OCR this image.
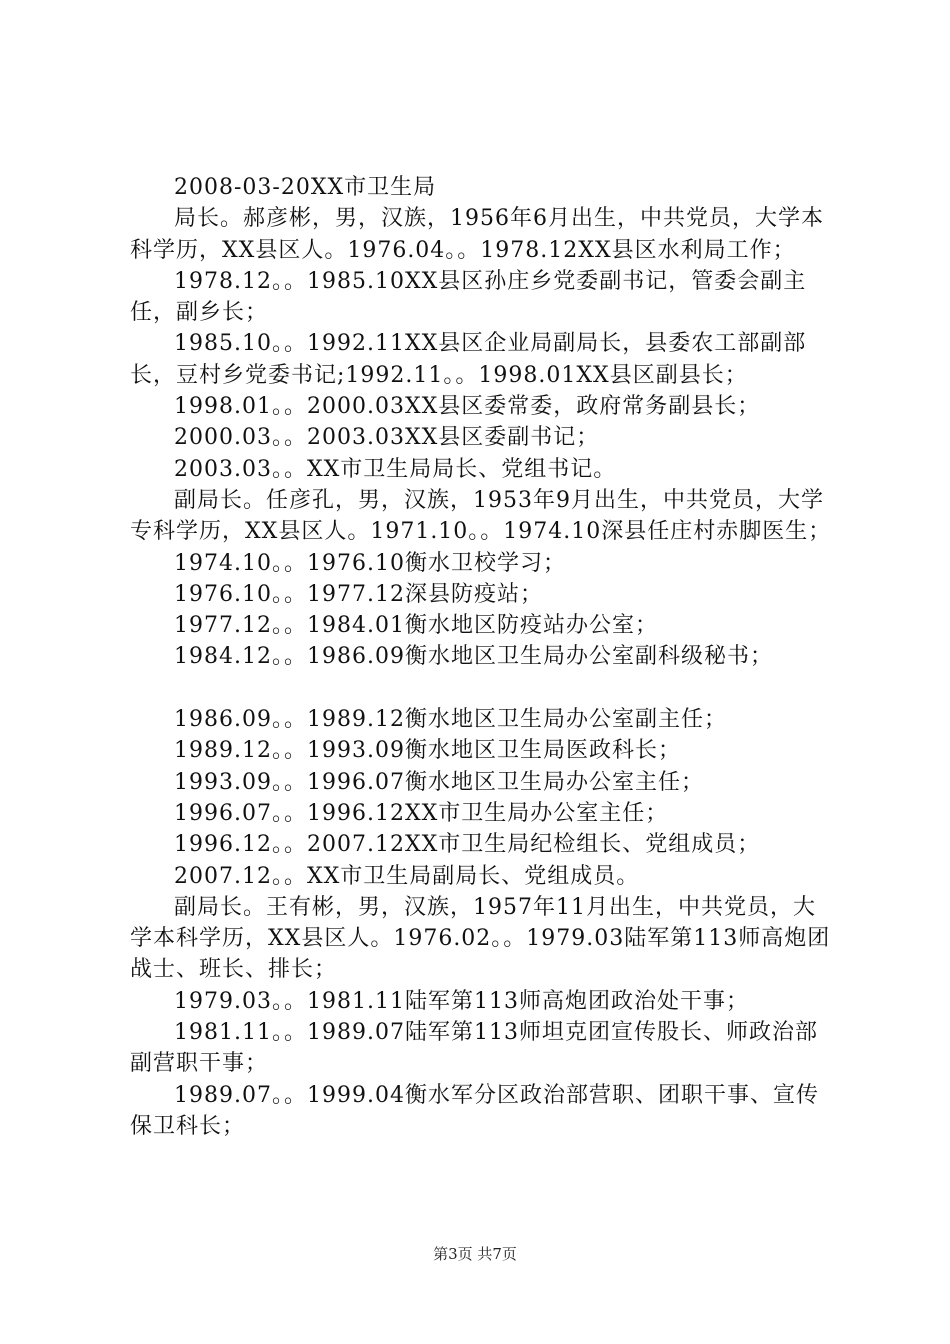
2008-03-20XX市卫生局

局长。郝彦彬，男，汉族，1956年6月出生，中共党员，大学本科学历，XX县区人。1976.04。。1978.12XX县区水利局工作；

1978.12。。1985.10XX县区孙庄乡党委副书记，管委会副主任，副乡长；

1985.10。。1992.11XX县区企业局副局长，县委农工部副部长，豆村乡党委书记;1992.11。。1998.01XX县区副县长；

1998.01。。2000.03XX县区委常委，政府常务副县长；

2000.03。。2003.03XX县区委副书记；

2003.03。。XX市卫生局局长、党组书记。

副局长。任彦孔，男，汉族，1953年9月出生，中共党员，大学专科学历，XX县区人。1971.10。。1974.10深县任庄村赤脚医生；

1974.10。。1976.10衡水卫校学习；

1976.10。。1977.12深县防疫站；

1977.12。。1984.01衡水地区防疫站办公室；

1984.12。。1986.09衡水地区卫生局办公室副科级秘书；

1986.09。。1989.12衡水地区卫生局办公室副主任；

1989.12。。1993.09衡水地区卫生局医政科长；

1993.09。。1996.07衡水地区卫生局办公室主任；

1996.07。。1996.12XX市卫生局办公室主任；

1996.12。。2007.12XX市卫生局纪检组长、党组成员；

2007.12。。XX市卫生局副局长、党组成员。

副局长。王有彬，男，汉族，1957年11月出生，中共党员，大学本科学历，XX县区人。1976.02。。1979.03陆军第113师高炮团战士、班长、排长；

1979.03。。1981.11陆军第113师高炮团政治处干事；

1981.11。。1989.07陆军第113师坦克团宣传股长、师政治部副营职干事；

1989.07。。1999.04衡水军分区政治部营职、团职干事、宣传保卫科长；

第3页 共7页
